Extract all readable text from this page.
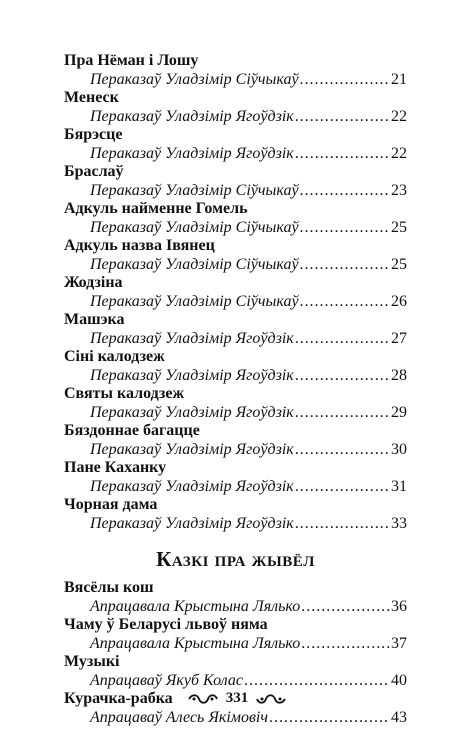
Пра Нёман і Лошу
Пераказаў Уладзімір Сіўчыкаў .....	21
Менеск
Пераказаў Уладзімір Ягоўдзік .....	22
Бярэсце
Пераказаў Уладзімір Ягоўдзік .....	22
Браслаў
Пераказаў Уладзімір Сіўчыкаў .....	23
Адкуль найменне Гомель
Пераказаў Уладзімір Сіўчыкаў .....	25
Адкуль назва Івянец
Пераказаў Уладзімір Сіўчыкаў .....	25
Жодзіна
Пераказаў Уладзімір Сіўчыкаў .....	26
Машэка
Пераказаў Уладзімір Ягоўдзік .....	27
Сіні калодзеж
Пераказаў Уладзімір Ягоўдзік .....	28
Святы калодзеж
Пераказаў Уладзімір Ягоўдзік .....	29
Бяздоннае багацце
Пераказаў Уладзімір Ягоўдзік .....	30
Пане Каханку
Пераказаў Уладзімір Ягоўдзік .....	31
Чорная дама
Пераказаў Уладзімір Ягоўдзік .....	33
Казкі пра жывёл
Вясёлы кош
Апрацавала Крыстына Лялько .....	36
Чаму ў Беларусі львоў няма
Апрацавала Крыстына Лялько .....	37
Музыкі
Апрацаваў Якуб Колас .....	40
Курачка-рабка
Апрацаваў Алесь Якімовіч .....	43
331
